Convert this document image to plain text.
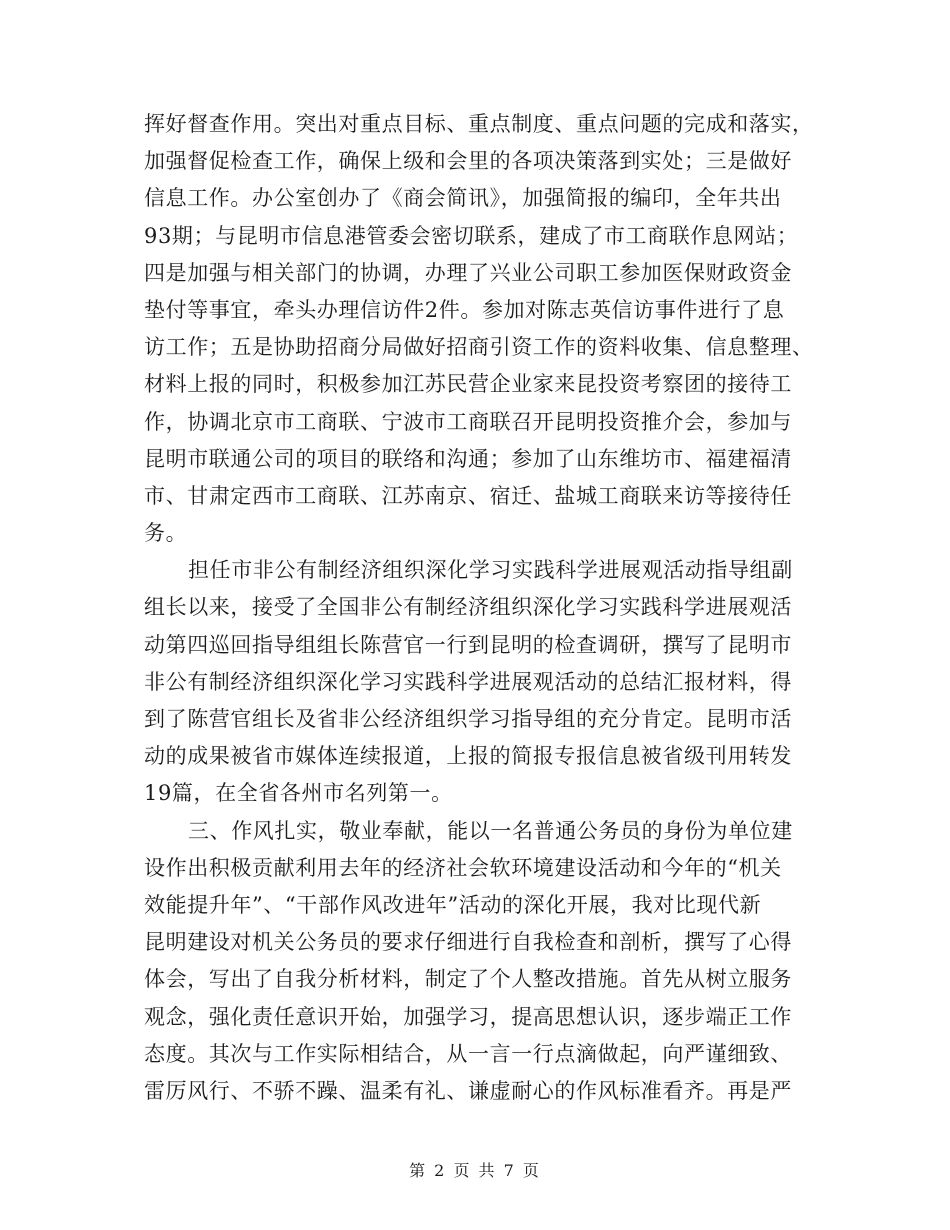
挥好督查作用。突出对重点目标、重点制度、重点问题的完成和落实，
加强督促检查工作，确保上级和会里的各项决策落到实处；三是做好
信息工作。办公室创办了《商会简讯》，加强简报的编印，全年共出
93期；与昆明市信息港管委会密切联系，建成了市工商联作息网站；
四是加强与相关部门的协调，办理了兴业公司职工参加医保财政资金
垫付等事宜，牵头办理信访件2件。参加对陈志英信访事件进行了息
访工作；五是协助招商分局做好招商引资工作的资料收集、信息整理、
材料上报的同时，积极参加江苏民营企业家来昆投资考察团的接待工
作，协调北京市工商联、宁波市工商联召开昆明投资推介会，参加与
昆明市联通公司的项目的联络和沟通；参加了山东维坊市、福建福清
市、甘肃定西市工商联、江苏南京、宿迁、盐城工商联来访等接待任
务。
担任市非公有制经济组织深化学习实践科学进展观活动指导组副
组长以来，接受了全国非公有制经济组织深化学习实践科学进展观活
动第四巡回指导组组长陈营官一行到昆明的检查调研，撰写了昆明市
非公有制经济组织深化学习实践科学进展观活动的总结汇报材料，得
到了陈营官组长及省非公经济组织学习指导组的充分肯定。昆明市活
动的成果被省市媒体连续报道，上报的简报专报信息被省级刊用转发
19篇，在全省各州市名列第一。
三、作风扎实，敬业奉献，能以一名普通公务员的身份为单位建
设作出积极贡献利用去年的经济社会软环境建设活动和今年的“机关
效能提升年”、“干部作风改进年”活动的深化开展，我对比现代新
昆明建设对机关公务员的要求仔细进行自我检查和剖析，撰写了心得
体会，写出了自我分析材料，制定了个人整改措施。首先从树立服务
观念，强化责任意识开始，加强学习，提高思想认识，逐步端正工作
态度。其次与工作实际相结合，从一言一行点滴做起，向严谨细致、
雷厉风行、不骄不躁、温柔有礼、谦虚耐心的作风标准看齐。再是严
第 2 页 共 7 页
